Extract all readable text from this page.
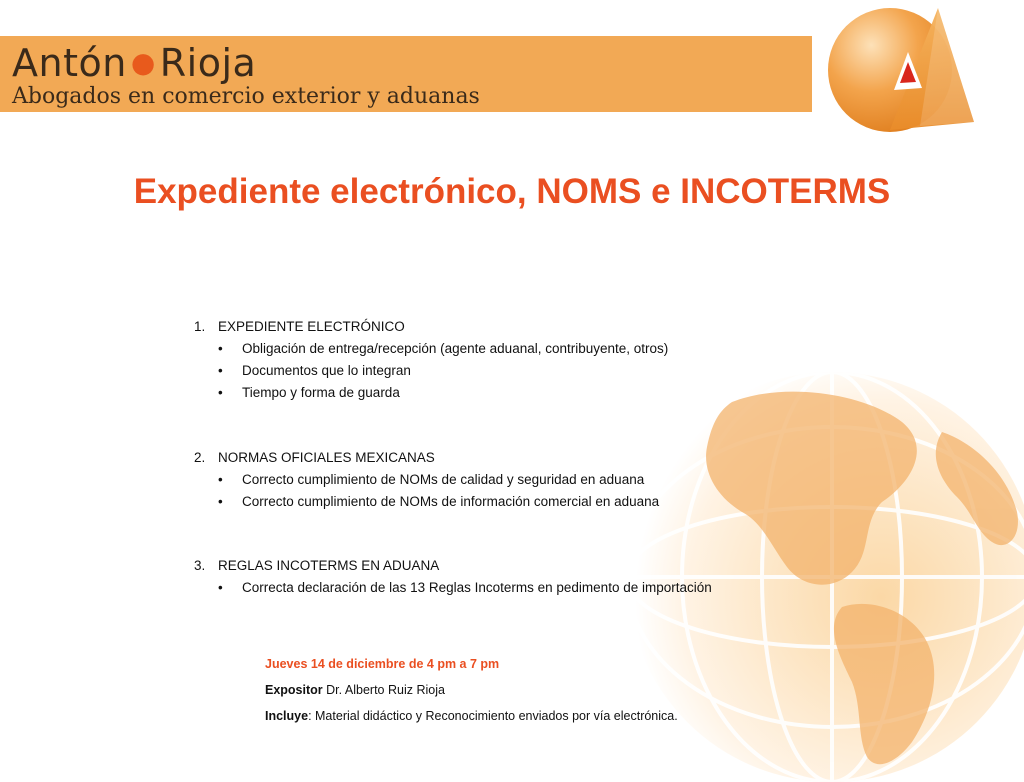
Antón ● Rioja
Abogados en comercio exterior y aduanas
Expediente electrónico, NOMS e INCOTERMS
1. EXPEDIENTE ELECTRÓNICO
•	Obligación de entrega/recepción (agente aduanal, contribuyente, otros)
•	Documentos que lo integran
•	Tiempo y forma de guarda
2. NORMAS OFICIALES MEXICANAS
•	Correcto cumplimiento de NOMs de calidad y seguridad en aduana
•	Correcto cumplimiento de NOMs de información comercial en aduana
3. REGLAS INCOTERMS EN ADUANA
•	Correcta declaración de las 13 Reglas Incoterms en pedimento de importación
Jueves 14 de diciembre de 4 pm a 7 pm
Expositor Dr. Alberto Ruiz Rioja
Incluye: Material didáctico y Reconocimiento enviados por vía electrónica.
